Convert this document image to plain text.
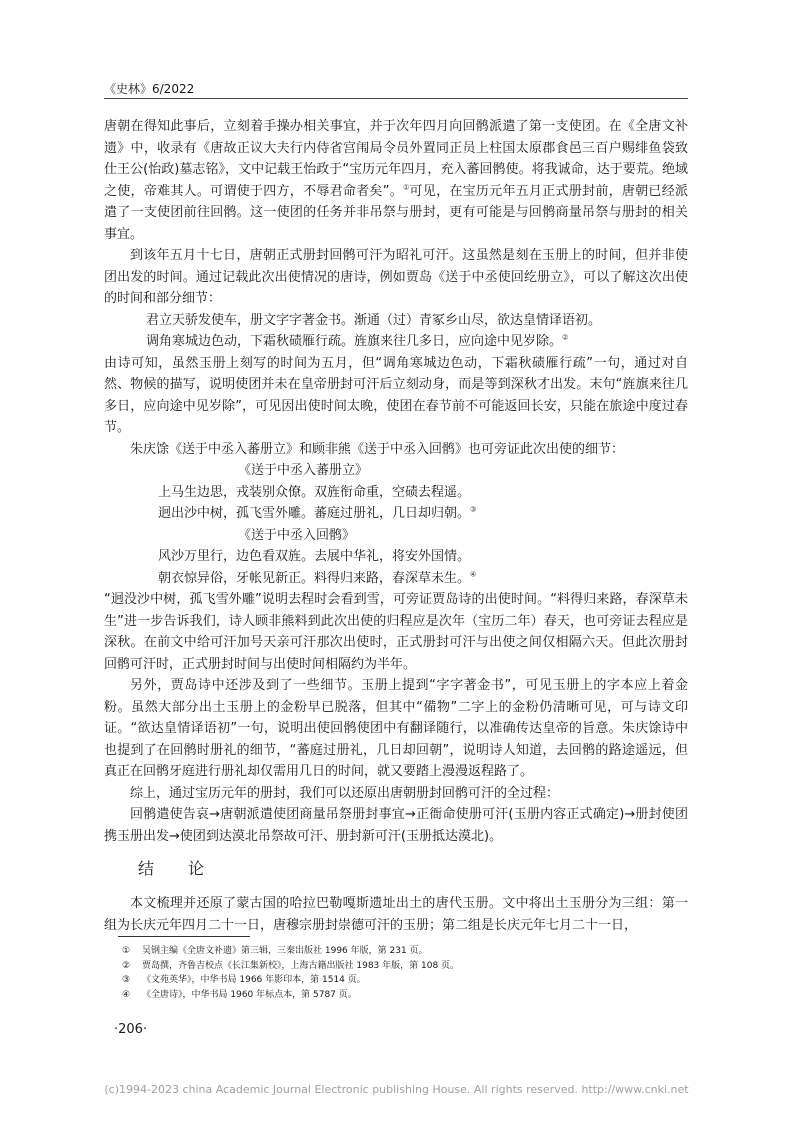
《史林》6/2022

唐朝在得知此事后，立刻着手操办相关事宜，并于次年四月向回鹘派遣了第一支使团。在《全唐文补遗》中，收录有《唐故正议大夫行内侍省宫闱局令员外置同正员上柱国太原郡食邑三百户赐绯鱼袋致仕王公(怡政)墓志铭》，文中记载王怡政于“宝历元年四月，充入蕃回鹘使。将我诚命，达于要荒。绝域之使，帝难其人。可谓使于四方，不辱君命者矣”。①可见，在宝历元年五月正式册封前，唐朝已经派遣了一支使团前往回鹘。这一使团的任务并非吊祭与册封，更有可能是与回鹘商量吊祭与册封的相关事宜。

到该年五月十七日，唐朝正式册封回鹘可汗为昭礼可汗。这虽然是刻在玉册上的时间，但并非使团出发的时间。通过记载此次出使情况的唐诗，例如贾岛《送于中丞使回纥册立》，可以了解这次出使的时间和部分细节：

君立天骄发使车，册文字字著金书。渐通（过）青冢乡山尽，欲达皇情译语初。

调角寒城边色动，下霜秋碛雁行疏。旌旗来往几多日，应向途中见岁除。②

由诗可知，虽然玉册上刻写的时间为五月，但“调角寒城边色动，下霜秋碛雁行疏”一句，通过对自然、物候的描写，说明使团并未在皇帝册封可汗后立刻动身，而是等到深秋才出发。末句“旌旗来往几多日，应向途中见岁除”，可见因出使时间太晚，使团在春节前不可能返回长安，只能在旅途中度过春节。

朱庆馀《送于中丞入蕃册立》和顾非熊《送于中丞入回鹘》也可旁证此次出使的细节：

《送于中丞入蕃册立》

上马生边思，戎装别众僚。双旌衔命重，空碛去程遥。

迥出沙中树，孤飞雪外雕。蕃庭过册礼，几日却归朝。③

《送于中丞入回鹘》

风沙万里行，边色看双旌。去展中华礼，将安外国情。

朝衣惊异俗，牙帐见新正。料得归来路，春深草未生。④

“迥没沙中树，孤飞雪外雕”说明去程时会看到雪，可旁证贾岛诗的出使时间。“料得归来路，春深草未生”进一步告诉我们，诗人顾非熊料到此次出使的归程应是次年（宝历二年）春天，也可旁证去程应是深秋。在前文中给可汗加号天亲可汗那次出使时，正式册封可汗与出使之间仅相隔六天。但此次册封回鹘可汗时，正式册封时间与出使时间相隔约为半年。

另外，贾岛诗中还涉及到了一些细节。玉册上提到“字字著金书”，可见玉册上的字本应上着金粉。虽然大部分出土玉册上的金粉早已脱落，但其中“備物”二字上的金粉仍清晰可见，可与诗文印证。“欲达皇情译语初”一句，说明出使回鹘使团中有翻译随行，以准确传达皇帝的旨意。朱庆馀诗中也提到了在回鹘时册礼的细节，“蕃庭过册礼，几日却回朝”，说明诗人知道，去回鹘的路途遥远，但真正在回鹘牙庭进行册礼却仅需用几日的时间，就又要踏上漫漫返程路了。

综上，通过宝历元年的册封，我们可以还原出唐朝册封回鹘可汗的全过程：

回鹘遣使告哀→唐朝派遣使团商量吊祭册封事宜→正衙命使册可汗(玉册内容正式确定)→册封使团携玉册出发→使团到达漠北吊祭故可汗、册封新可汗(玉册抵达漠北)。

结论

本文梳理并还原了蒙古国的哈拉巴勒嘎斯遗址出土的唐代玉册。文中将出土玉册分为三组：第一组为长庆元年四月二十一日，唐穆宗册封崇德可汗的玉册；第二组是长庆元年七月二十一日，

① 吴钢主编《全唐文补遗》第三辑，三秦出版社 1996 年版，第 231 页。
② 贾岛撰，齐鲁吉校点《长江集新校》，上海古籍出版社 1983 年版，第 108 页。
③ 《文苑英华》，中华书局 1966 年影印本，第 1514 页。
④ 《全唐诗》，中华书局 1960 年标点本，第 5787 页。
·206·
(c)1994-2023 china Academic Journal Electronic publishing House. All rights reserved. http://www.cnki.net
